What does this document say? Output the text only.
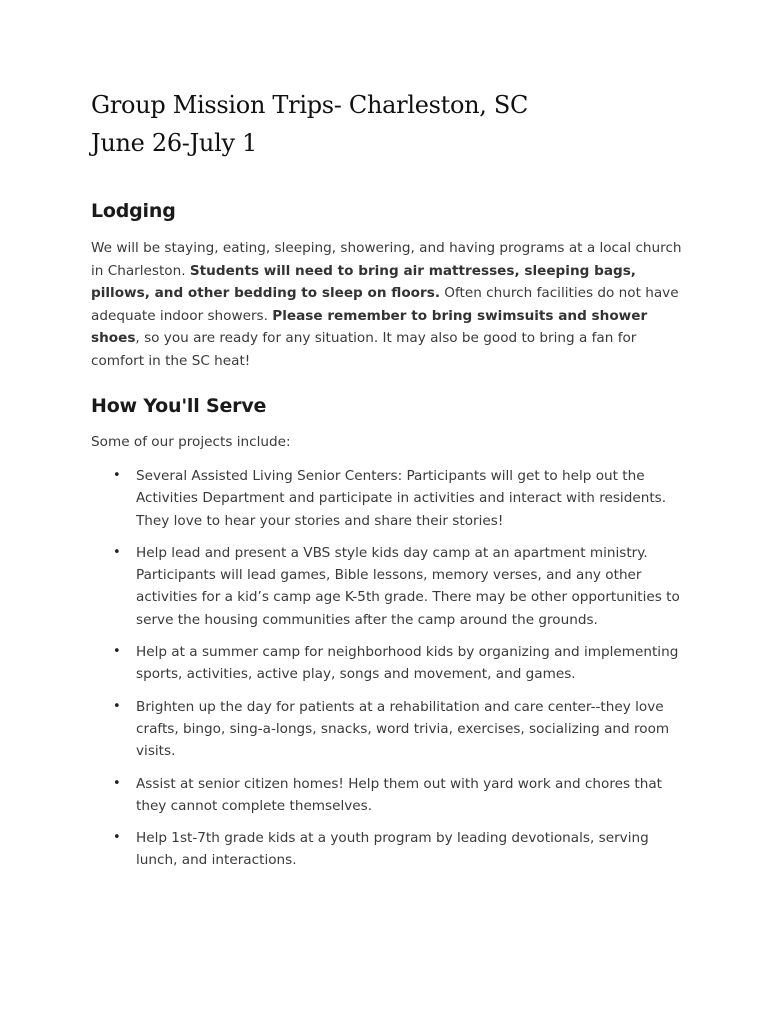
Group Mission Trips- Charleston, SC
June 26-July 1
Lodging

We will be staying, eating, sleeping, showering, and having programs at a local church in Charleston. Students will need to bring air mattresses, sleeping bags, pillows, and other bedding to sleep on floors. Often church facilities do not have adequate indoor showers. Please remember to bring swimsuits and shower shoes, so you are ready for any situation. It may also be good to bring a fan for comfort in the SC heat!

How You'll Serve

Some of our projects include:

• Several Assisted Living Senior Centers: Participants will get to help out the Activities Department and participate in activities and interact with residents. They love to hear your stories and share their stories!
• Help lead and present a VBS style kids day camp at an apartment ministry. Participants will lead games, Bible lessons, memory verses, and any other activities for a kid’s camp age K-5th grade. There may be other opportunities to serve the housing communities after the camp around the grounds.
• Help at a summer camp for neighborhood kids by organizing and implementing sports, activities, active play, songs and movement, and games.
• Brighten up the day for patients at a rehabilitation and care center--they love crafts, bingo, sing-a-longs, snacks, word trivia, exercises, socializing and room visits.
• Assist at senior citizen homes! Help them out with yard work and chores that they cannot complete themselves.
• Help 1st-7th grade kids at a youth program by leading devotionals, serving lunch, and interactions.
